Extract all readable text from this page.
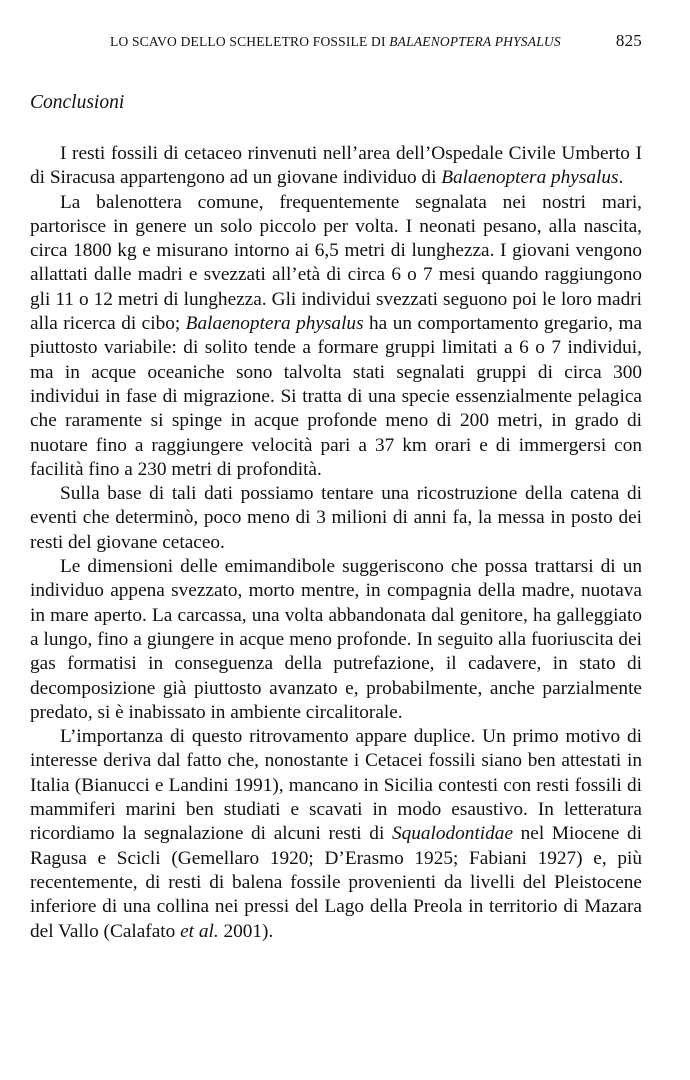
LO SCAVO DELLO SCHELETRO FOSSILE DI BALAENOPTERA PHYSALUS	825
Conclusioni

I resti fossili di cetaceo rinvenuti nell’area dell’Ospedale Civile Umberto I di Siracusa appartengono ad un giovane individuo di Balaenoptera physalus.

La balenottera comune, frequentemente segnalata nei nostri mari, partorisce in genere un solo piccolo per volta. I neonati pesano, alla nascita, circa 1800 kg e misurano intorno ai 6,5 metri di lunghezza. I giovani vengono allattati dalle madri e svezzati all’età di circa 6 o 7 mesi quando raggiungono gli 11 o 12 metri di lunghezza. Gli individui svezzati seguono poi le loro madri alla ricerca di cibo; Balaenoptera physalus ha un comportamento gregario, ma piuttosto variabile: di solito tende a formare gruppi limitati a 6 o 7 individui, ma in acque oceaniche sono talvolta stati segnalati gruppi di circa 300 individui in fase di migrazione. Si tratta di una specie essenzialmente pelagica che raramente si spinge in acque profonde meno di 200 metri, in grado di nuotare fino a raggiungere velocità pari a 37 km orari e di immergersi con facilità fino a 230 metri di profondità.

Sulla base di tali dati possiamo tentare una ricostruzione della catena di eventi che determinò, poco meno di 3 milioni di anni fa, la messa in posto dei resti del giovane cetaceo.

Le dimensioni delle emimandibole suggeriscono che possa trattarsi di un individuo appena svezzato, morto mentre, in compagnia della madre, nuotava in mare aperto. La carcassa, una volta abbandonata dal genitore, ha galleggiato a lungo, fino a giungere in acque meno profonde. In seguito alla fuoriuscita dei gas formatisi in conseguenza della putrefazione, il cadavere, in stato di decomposizione già piuttosto avanzato e, probabilmente, anche parzialmente predato, si è inabissato in ambiente circalitorale.

L’importanza di questo ritrovamento appare duplice. Un primo motivo di interesse deriva dal fatto che, nonostante i Cetacei fossili siano ben attestati in Italia (Bianucci e Landini 1991), mancano in Sicilia contesti con resti fossili di mammiferi marini ben studiati e scavati in modo esaustivo. In letteratura ricordiamo la segnalazione di alcuni resti di Squalodontidae nel Miocene di Ragusa e Scicli (Gemellaro 1920; D’Erasmo 1925; Fabiani 1927) e, più recentemente, di resti di balena fossile provenienti da livelli del Pleistocene inferiore di una collina nei pressi del Lago della Preola in territorio di Mazara del Vallo (Calafato et al. 2001).
